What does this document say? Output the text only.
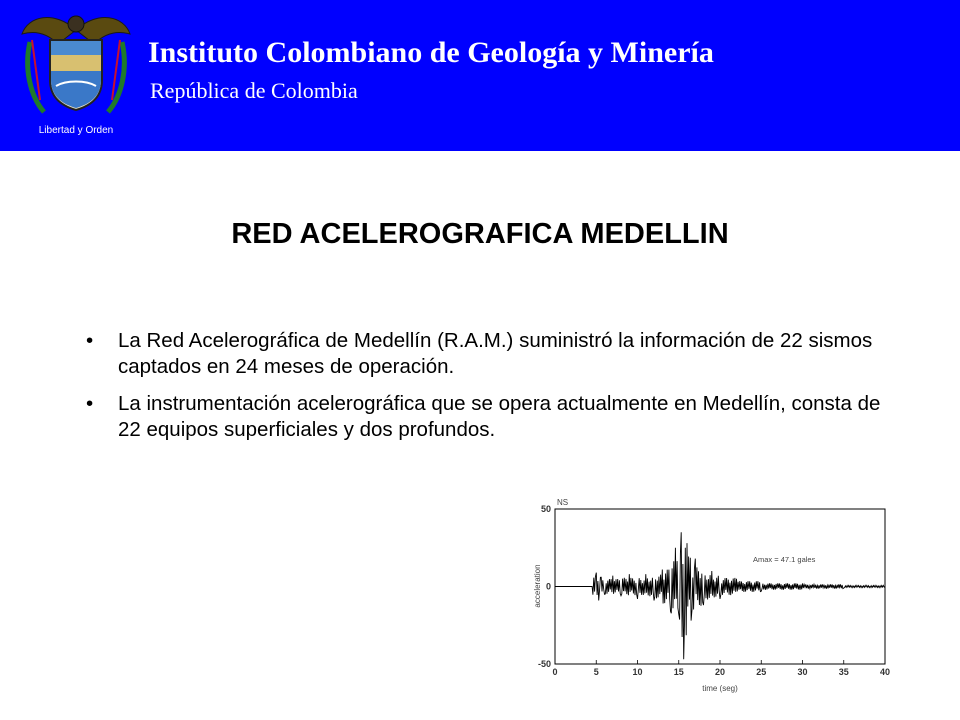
Libertad y Orden
Instituto Colombiano de Geología y Minería
República de Colombia
RED ACELEROGRAFICA MEDELLIN
• La Red Acelerográfica de Medellín (R.A.M.) suministró la información de 22 sismos captados en 24 meses de operación.
• La instrumentación acelerográfica que se opera actualmente en Medellín, consta de 22 equipos superficiales y dos profundos.
NS
Amax = 47.1 gales
time (seg)
acceleration
0	5	10	15	20	25	30	35	40
50
0
-50
